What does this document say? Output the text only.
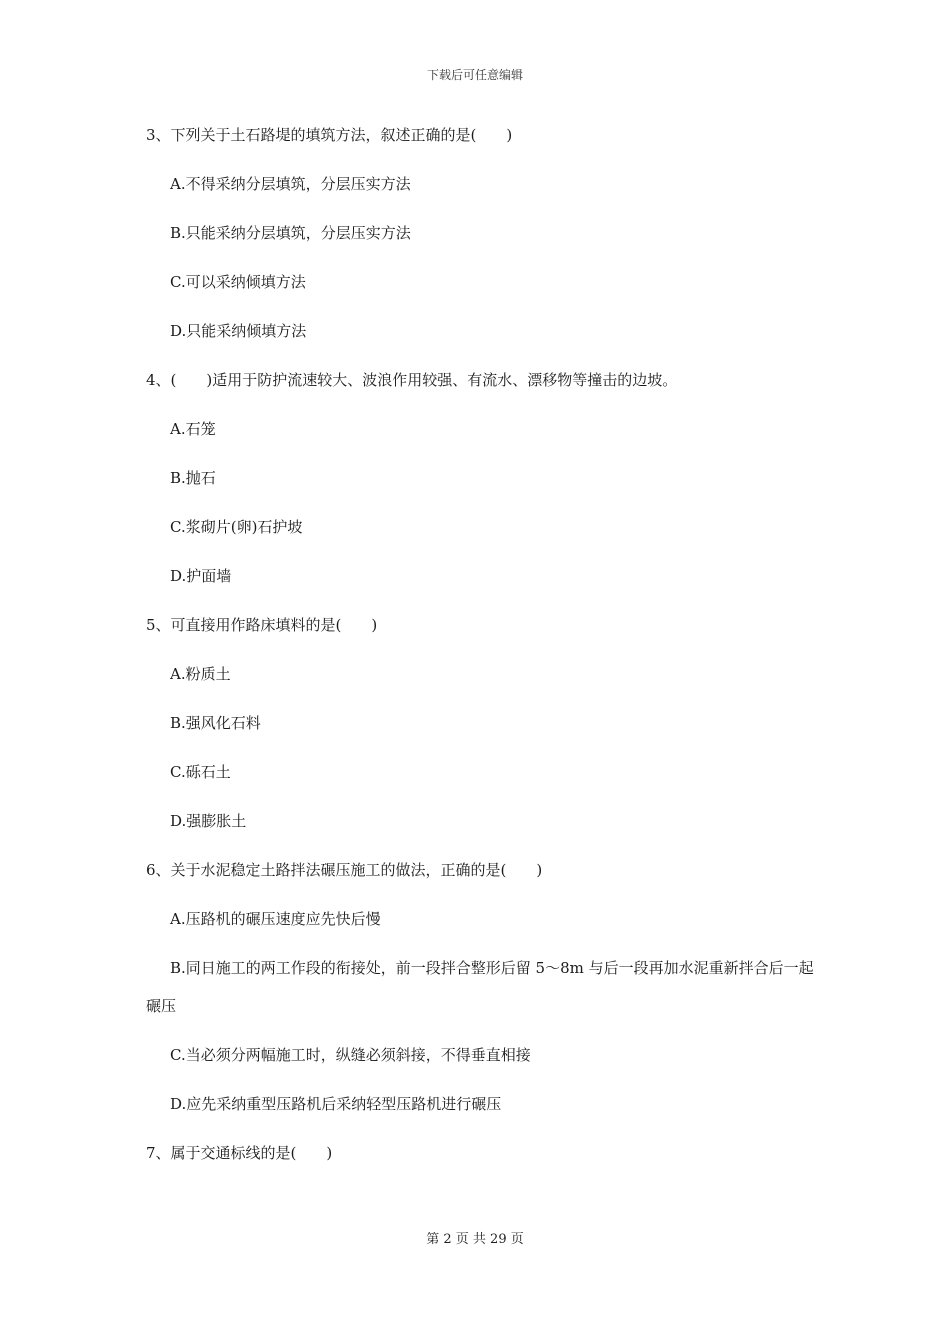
下载后可任意编辑
3、下列关于土石路堤的填筑方法，叙述正确的是(　　)
A.不得采纳分层填筑，分层压实方法
B.只能采纳分层填筑，分层压实方法
C.可以采纳倾填方法
D.只能采纳倾填方法
4、(　　)适用于防护流速较大、波浪作用较强、有流水、漂移物等撞击的边坡。
A.石笼
B.抛石
C.浆砌片(卵)石护坡
D.护面墙
5、可直接用作路床填料的是(　　)
A.粉质土
B.强风化石料
C.砾石土
D.强膨胀土
6、关于水泥稳定土路拌法碾压施工的做法，正确的是(　　)
A.压路机的碾压速度应先快后慢
B.同日施工的两工作段的衔接处，前一段拌合整形后留 5～8m 与后一段再加水泥重新拌合后一起碾压
C.当必须分两幅施工时，纵缝必须斜接，不得垂直相接
D.应先采纳重型压路机后采纳轻型压路机进行碾压
7、属于交通标线的是(　　)
第 2 页 共 29 页
